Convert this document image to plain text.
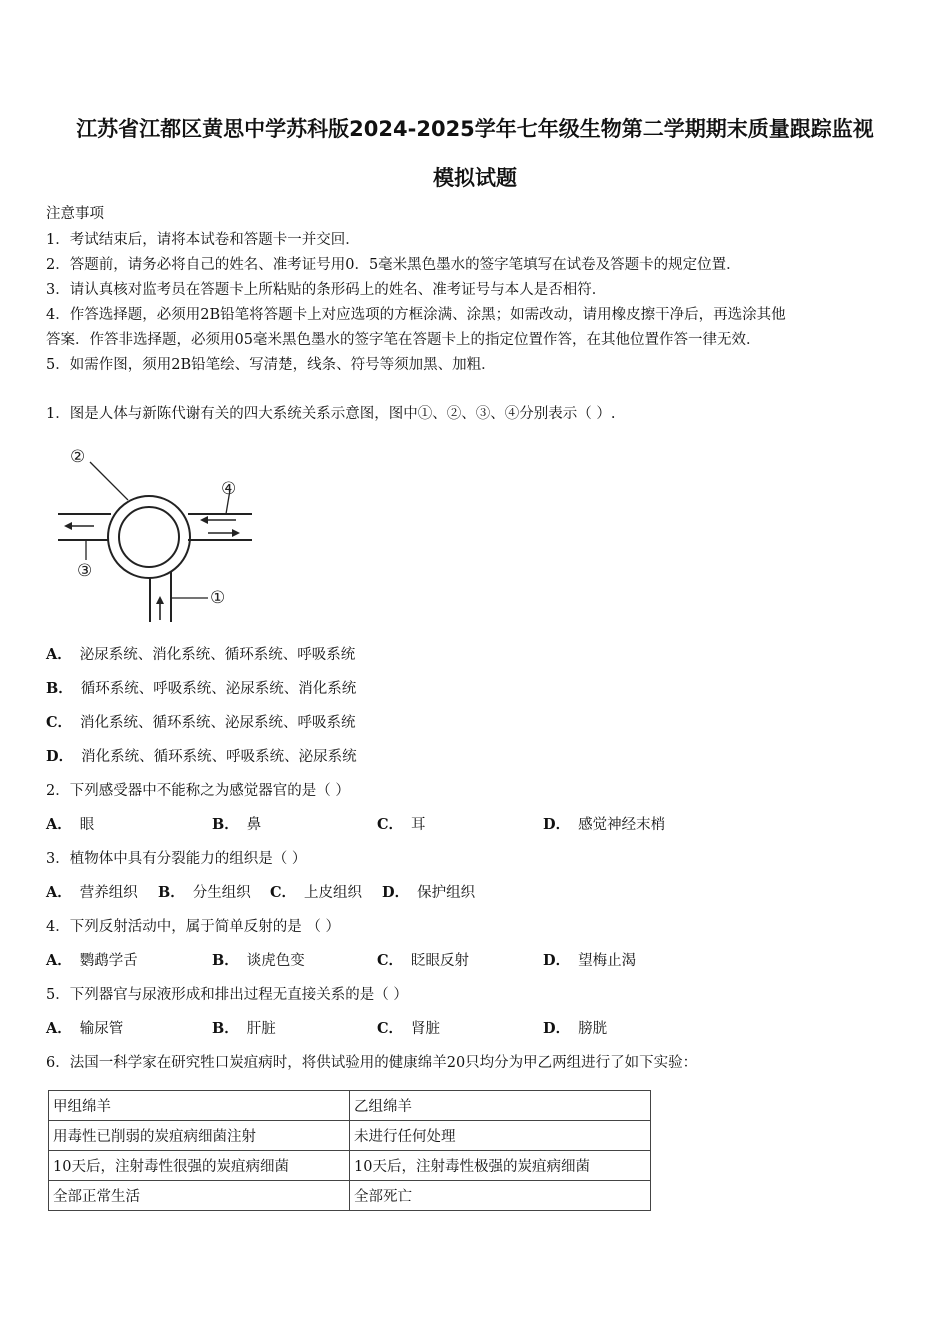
江苏省江都区黄思中学苏科版2024-2025学年七年级生物第二学期期末质量跟踪监视
模拟试题
注意事项
1．考试结束后，请将本试卷和答题卡一并交回．
2．答题前，请务必将自己的姓名、准考证号用0．5毫米黑色墨水的签字笔填写在试卷及答题卡的规定位置．
3．请认真核对监考员在答题卡上所粘贴的条形码上的姓名、准考证号与本人是否相符．
4．作答选择题，必须用2B铅笔将答题卡上对应选项的方框涂满、涂黑；如需改动，请用橡皮擦干净后，再选涂其他
答案．作答非选择题，必须用05毫米黑色墨水的签字笔在答题卡上的指定位置作答，在其他位置作答一律无效．
5．如需作图，须用2B铅笔绘、写清楚，线条、符号等须加黑、加粗．
1．图是人体与新陈代谢有关的四大系统关系示意图，图中①、②、③、④分别表示（ ）.
②
④
③
①
A． 泌尿系统、消化系统、循环系统、呼吸系统
B． 循环系统、呼吸系统、泌尿系统、消化系统
C． 消化系统、循环系统、泌尿系统、呼吸系统
D． 消化系统、循环系统、呼吸系统、泌尿系统
2．下列感受器中不能称之为感觉器官的是（ ）
A． 眼	B． 鼻	C． 耳	D． 感觉神经末梢
3．植物体中具有分裂能力的组织是（ ）
A． 营养组织 B． 分生组织 C． 上皮组织 D． 保护组织
4．下列反射活动中，属于简单反射的是 （ ）
A． 鹦鹉学舌	B． 谈虎色变	C． 眨眼反射	D． 望梅止渴
5．下列器官与尿液形成和排出过程无直接关系的是（ ）
A． 输尿管	B． 肝脏	C． 肾脏	D． 膀胱
6．法国一科学家在研究牲口炭疽病时，将供试验用的健康绵羊20只均分为甲乙两组进行了如下实验：
甲组绵羊	乙组绵羊
用毒性已削弱的炭疽病细菌注射	未进行任何处理
10天后，注射毒性很强的炭疽病细菌	10天后，注射毒性极强的炭疽病细菌
全部正常生活	全部死亡
